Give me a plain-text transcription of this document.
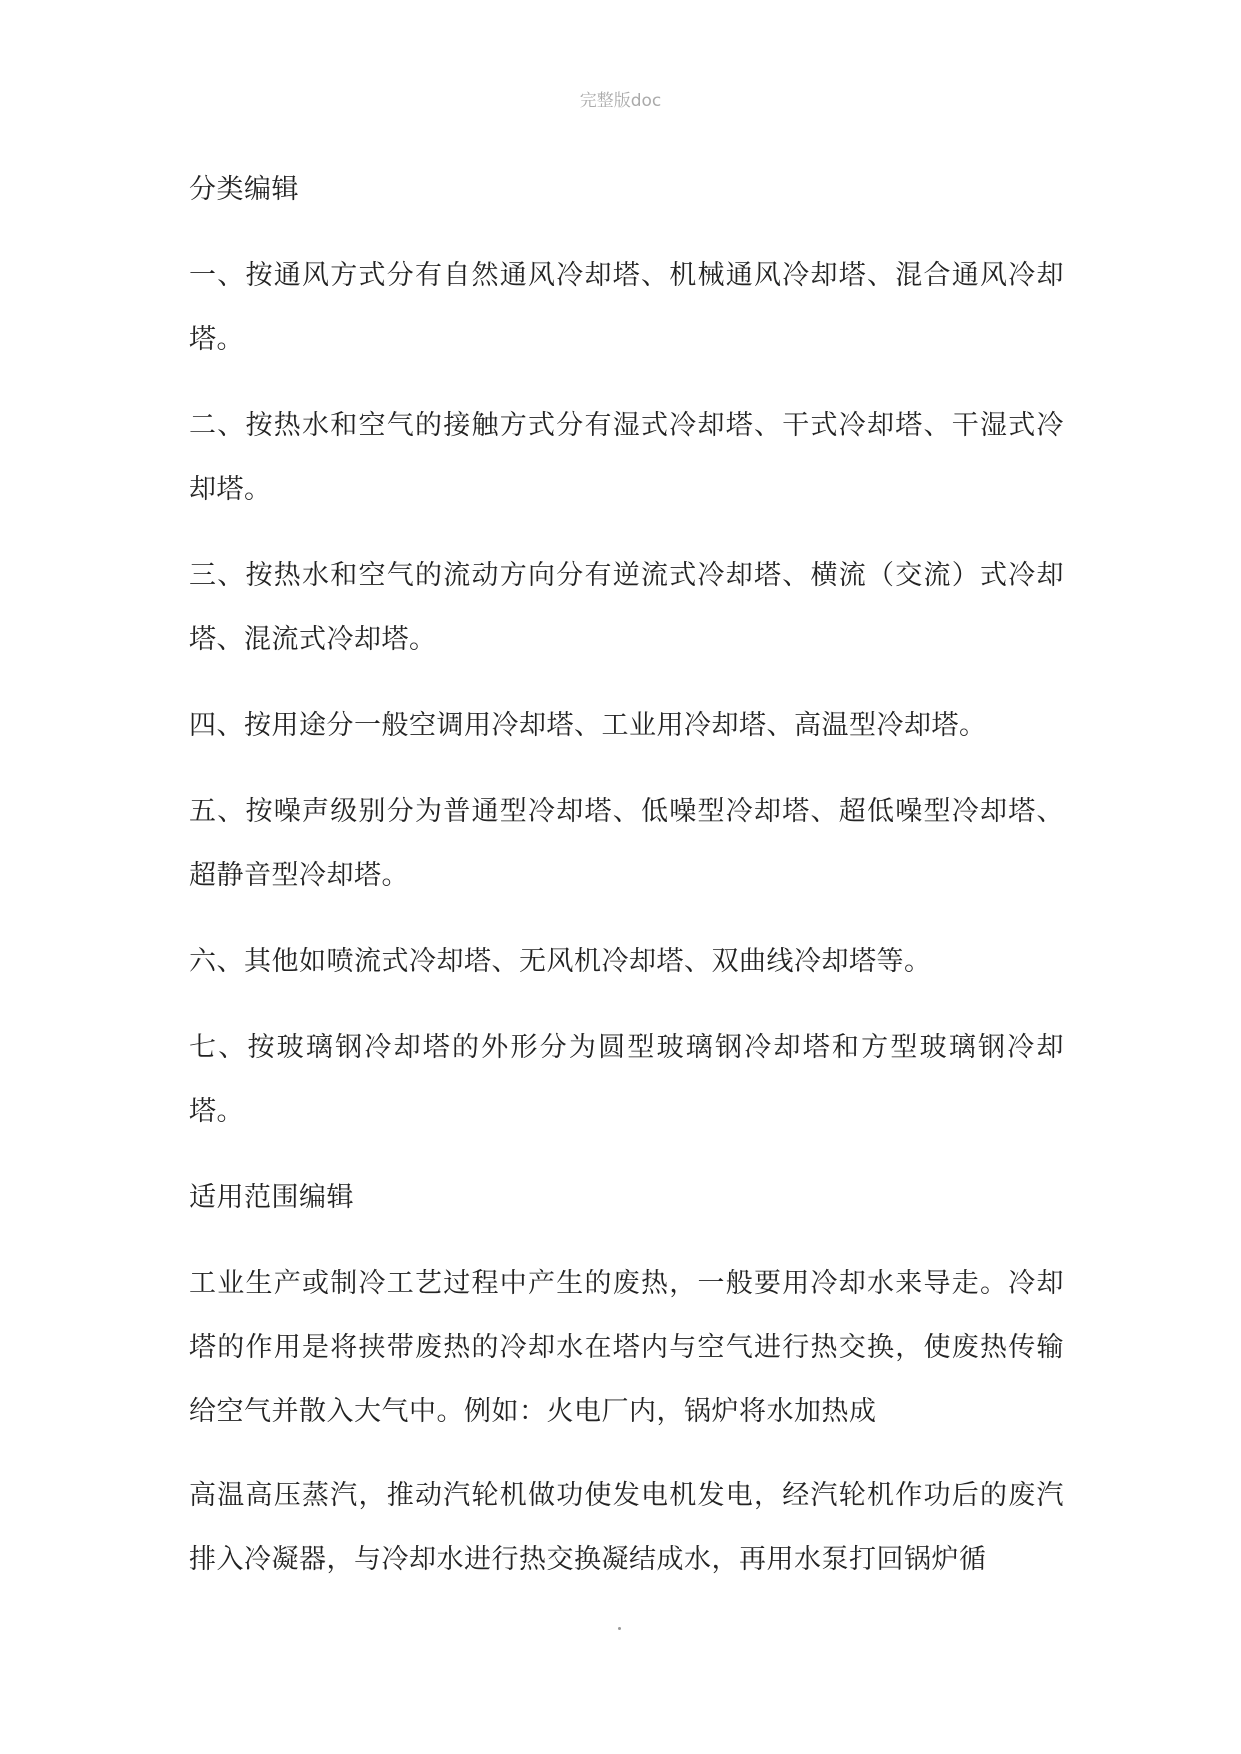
完整版doc

分类编辑

一、按通风方式分有自然通风冷却塔、机械通风冷却塔、混合通风冷却塔。

二、按热水和空气的接触方式分有湿式冷却塔、干式冷却塔、干湿式冷却塔。

三、按热水和空气的流动方向分有逆流式冷却塔、横流（交流）式冷却塔、混流式冷却塔。

四、按用途分一般空调用冷却塔、工业用冷却塔、高温型冷却塔。

五、按噪声级别分为普通型冷却塔、低噪型冷却塔、超低噪型冷却塔、超静音型冷却塔。

六、其他如喷流式冷却塔、无风机冷却塔、双曲线冷却塔等。

七、按玻璃钢冷却塔的外形分为圆型玻璃钢冷却塔和方型玻璃钢冷却塔。

适用范围编辑

工业生产或制冷工艺过程中产生的废热，一般要用冷却水来导走。冷却塔的作用是将挟带废热的冷却水在塔内与空气进行热交换，使废热传输给空气并散入大气中。例如：火电厂内，锅炉将水加热成

高温高压蒸汽，推动汽轮机做功使发电机发电，经汽轮机作功后的废汽排入冷凝器，与冷却水进行热交换凝结成水，再用水泵打回锅炉循
